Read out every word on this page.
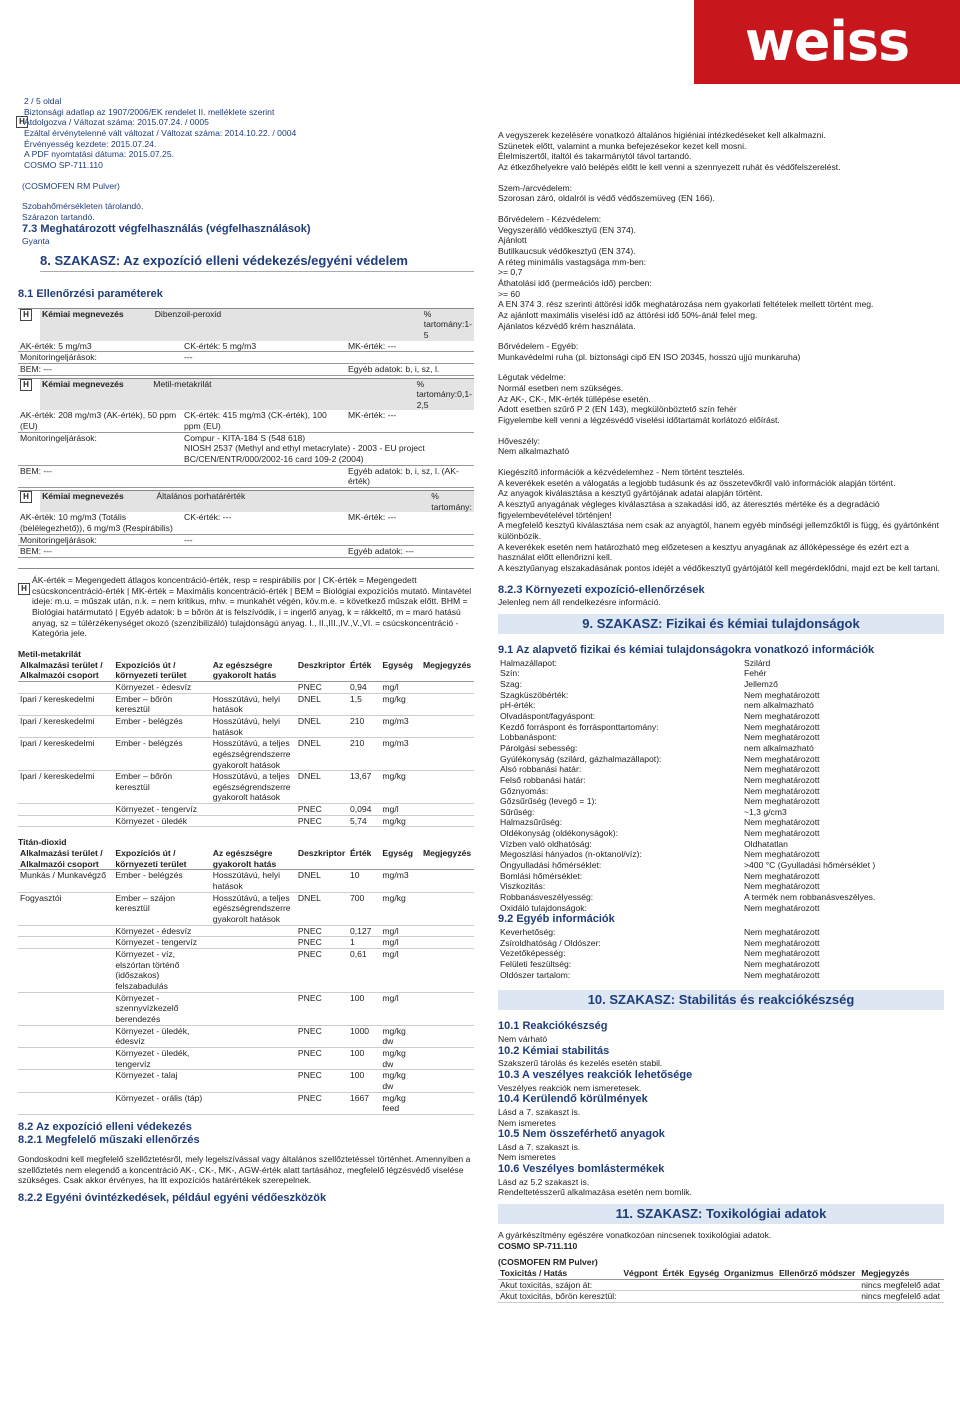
weiss
H
2 / 5 oldal
Biztonsági adatlap az 1907/2006/EK rendelet II. melléklete szerint
Átdolgozva / Változat száma: 2015.07.24. / 0005
Ezáltal érvénytelenné vált változat / Változat száma: 2014.10.22. / 0004
Érvényesség kezdete: 2015.07.24.
A PDF nyomtatási dátuma: 2015.07.25.
COSMO SP-711.110
(COSMOFEN RM Pulver)
Szobahőmérsékleten tárolandó.
Szárazon tartandó.
7.3 Meghatározott végfelhasználás (végfelhasználások)
Gyanta
8. SZAKASZ: Az expozíció elleni védekezés/egyéni védelem
8.1 Ellenőrzési paraméterek
H	Kémiai megnevezés	Dibenzoil-peroxid	% tartomány:1-5
AK-érték: 5 mg/m3	CK-érték: 5 mg/m3	MK-érték: ---
Monitoringeljárások:	---	
BEM: ---		Egyéb adatok: b, i, sz, l.
H	Kémiai megnevezés	Metil-metakrilát	% tartomány:0,1-2,5
AK-érték: 208 mg/m3 (AK-érték), 50 ppm (EU)	CK-érték: 415 mg/m3 (CK-érték), 100 ppm (EU)	MK-érték: ---
Monitoringeljárások:	Compur - KITA-184 S (548 618)
NIOSH 2537 (Methyl and ethyl metacrylate) - 2003 - EU project BC/CEN/ENTR/000/2002-16 card 109-2 (2004)	

BEM: ---		Egyéb adatok: b, i, sz, l. (AK-érték)
H	Kémiai megnevezés	Általános porhatárérték	% tartomány:
AK-érték: 10 mg/m3 (Totális (belélegezhető)), 6 mg/m3 (Respirábilis)	CK-érték: ---	MK-érték: ---
Monitoringeljárások:	---	
BEM: ---		Egyéb adatok: ---
H
ÁK-érték = Megengedett átlagos koncentráció-érték, resp = respirábilis por | CK-érték = Megengedett csúcskoncentráció-érték | MK-érték = Maximális koncentráció-érték | BEM = Biológiai expozíciós mutató. Mintavétel ideje: m.u. = műszak után, n.k. = nem kritikus, mhv. = munkahét végén, köv.m.e. = következő műszak előtt. BHM = Biológiai határmutató | Egyéb adatok: b = bőrön át is felszívódik, i = ingerlő anyag, k = rákkeltő, m = maró hatású anyag, sz = túlérzékenységet okozó (szenzibilizáló) tulajdonságú anyag. I., II.,III.,IV.,V.,VI. = csúcskoncentráció - Kategória jele.
Metil-metakrilát
Alkalmazási terület / Alkalmazói csoport	Expozíciós út / környezeti terület	Az egészségre gyakorolt hatás	Deszkriptor	Érték	Egység	Megjegyzés
	Környezet - édesvíz		PNEC	0,94	mg/l	
Ipari / kereskedelmi	Ember – bőrön keresztül	Hosszútávú, helyi hatások	DNEL	1,5	mg/kg	
Ipari / kereskedelmi	Ember - belégzés	Hosszútávú, helyi hatások	DNEL	210	mg/m3	
Ipari / kereskedelmi	Ember - belégzés	Hosszútávú, a teljes egészségrendszerre gyakorolt hatások	DNEL	210	mg/m3	
Ipari / kereskedelmi	Ember – bőrön keresztül	Hosszútávú, a teljes egészségrendszerre gyakorolt hatások	DNEL	13,67	mg/kg	
	Környezet - tengervíz		PNEC	0,094	mg/l	
	Környezet - üledék		PNEC	5,74	mg/kg	
Titán-dioxid
Alkalmazási terület / Alkalmazói csoport	Expozíciós út / környezeti terület	Az egészségre gyakorolt hatás	Deszkriptor	Érték	Egység	Megjegyzés
Munkás / Munkavégző	Ember - belégzés	Hosszútávú, helyi hatások	DNEL	10	mg/m3	
Fogyasztói	Ember – szájon keresztül	Hosszútávú, a teljes egészségrendszerre gyakorolt hatások	DNEL	700	mg/kg	
	Környezet - édesvíz		PNEC	0,127	mg/l	
	Környezet - tengervíz		PNEC	1	mg/l	
	Környezet - víz, elszórtan történő (időszakos) felszabadulás		PNEC	0,61	mg/l	
	Környezet - szennyvízkezelő berendezés		PNEC	100	mg/l	
	Környezet - üledék, édesvíz		PNEC	1000	mg/kg dw	
	Környezet - üledék, tengervíz		PNEC	100	mg/kg dw	
	Környezet - talaj		PNEC	100	mg/kg dw	
	Környezet - orális (táp)		PNEC	1667	mg/kg feed	
8.2 Az expozíció elleni védekezés
8.2.1 Megfelelő műszaki ellenőrzés
Gondoskodni kell megfelelő szellőztetésről, mely legelszívással vagy általános szellőztetéssel történhet. Amennyiben a szellőztetés nem elegendő a koncentráció AK-, CK-, MK-, AGW-érték alatt tartásához, megfelelő légzésvédő viselése szükséges. Csak akkor érvényes, ha itt expozíciós határértékek szerepelnek.
8.2.2 Egyéni óvintézkedések, például egyéni védőeszközök
A vegyszerek kezelésére vonatkozó általános higiéniai intézkedéseket kell alkalmazni.
Szünetek előtt, valamint a munka befejezésekor kezet kell mosni.
Élelmiszertől, italtól és takarmánytól távol tartandó.
Az étkezőhelyekre való belépés előtt le kell venni a szennyezett ruhát és védőfelszerelést.
Szem-/arcvédelem:
Szorosan záró, oldalról is védő védőszemüveg (EN 166).
Bőrvédelem - Kézvédelem:
Vegyszerálló védőkesztyű (EN 374).
Ajánlott
Butilkaucsuk védőkesztyű (EN 374).
A réteg minimális vastagsága mm-ben:
>= 0,7
Áthatolási idő (permeációs idő) percben:
>= 60
A EN 374 3. rész szerinti áttörési idők meghatározása nem gyakorlati feltételek mellett történt meg.
Az ajánlott maximális viselési idő az áttörési idő 50%-ánál felel meg.
Ajánlatos kézvédő krém használata.
Bőrvédelem - Egyéb:
Munkavédelmi ruha (pl. biztonsági cipő EN ISO 20345, hosszú ujjú munkaruha)
Légutak védelme:
Normál esetben nem szükséges.
Az AK-, CK-, MK-érték túllépése esetén.
Adott esetben szűrő P 2 (EN 143), megkülönböztető szín fehér
Figyelembe kell venni a légzésvédő viselési időtartamát korlátozó előírást.
Hőveszély:
Nem alkalmazható
Kiegészítő információk a kézvédelemhez - Nem történt tesztelés.
A keverékek esetén a válogatás a legjobb tudásunk és az összetevőkről való információk alapján történt.
Az anyagok kiválasztása a kesztyű gyártójának adatai alapján történt.
A kesztyű anyagának végleges kiválasztása a szakadási idő, az áteresztés mértéke és a degradáció figyelembevételével történjen!
A megfelelő kesztyű kiválasztása nem csak az anyagtól, hanem egyéb minőségi jellemzőktől is függ, és gyártónként különbözik.
A keverékek esetén nem határozható meg előzetesen a kesztyu anyagának az állóképessége és ezért ezt a használat előtt ellenőrizni kell.
A kesztyűanyag elszakadásának pontos idejét a védőkesztyű gyártójától kell megérdeklődni, majd ezt be kell tartani.
8.2.3 Környezeti expozíció-ellenőrzések
Jelenleg nem áll rendelkezésre információ.
9. SZAKASZ: Fizikai és kémiai tulajdonságok
9.1 Az alapvető fizikai és kémiai tulajdonságokra vonatkozó információk
Halmazállapot:	Szilárd
Szín:	Fehér
Szag:	Jellemző
Szagküszöbérték:	Nem meghatározott
pH-érték:	nem alkalmazható
Olvadáspont/fagyáspont:	Nem meghatározott
Kezdő forráspont és forrásponttartomány:	Nem meghatározott
Lobbanáspont:	Nem meghatározott
Párolgási sebesség:	nem alkalmazható
Gyúlékonyság (szilárd, gázhalmazállapot):	Nem meghatározott
Alsó robbanási határ:	Nem meghatározott
Felső robbanási határ:	Nem meghatározott
Gőznyomás:	Nem meghatározott
Gőzsűrűség (levegő = 1):	Nem meghatározott
Sűrűség:	~1,3 g/cm3
Halmazsűrűség:	Nem meghatározott
Oldékonyság (oldékonyságok):	Nem meghatározott
Vízben való oldhatóság:	Oldhatatlan
Megoszlási hányados (n-oktanol/víz):	Nem meghatározott
Öngyulladási hőmérséklet:	>400 °C (Gyulladási hőmérséklet )
Bomlási hőmérséklet:	Nem meghatározott
Viszkozitás:	Nem meghatározott
Robbanásveszélyesség:	A termék nem robbanásveszélyes.
Oxidáló tulajdonságok:	Nem meghatározott
9.2 Egyéb információk
Keverhetőség:	Nem meghatározott
Zsíroldhatóság / Oldószer:	Nem meghatározott
Vezetőképesség:	Nem meghatározott
Felületi feszültség:	Nem meghatározott
Oldószer tartalom:	Nem meghatározott
10. SZAKASZ: Stabilitás és reakciókészség
10.1 Reakciókészség
Nem várható
10.2 Kémiai stabilitás
Szakszerű tárolás és kezelés esetén stabil.
10.3 A veszélyes reakciók lehetősége
Veszélyes reakciók nem ismeretesek.
10.4 Kerülendő körülmények
Lásd a 7. szakaszt is.
Nem ismeretes
10.5 Nem összeférhető anyagok
Lásd a 7. szakaszt is.
Nem ismeretes
10.6 Veszélyes bomlástermékek
Lásd az 5.2 szakaszt is.
Rendeltetésszerű alkalmazása esetén nem bomlik.
11. SZAKASZ: Toxikológiai adatok
A gyárkészítmény egészére vonatkozóan nincsenek toxikológiai adatok.
COSMO SP-711.110
(COSMOFEN RM Pulver)
Toxicitás / Hatás	Végpont	Érték	Egység	Organizmus	Ellenőrző módszer	Megjegyzés
Akut toxicitás, szájon át:						nincs megfelelő adat
Akut toxicitás, bőrön keresztül:						nincs megfelelő adat
